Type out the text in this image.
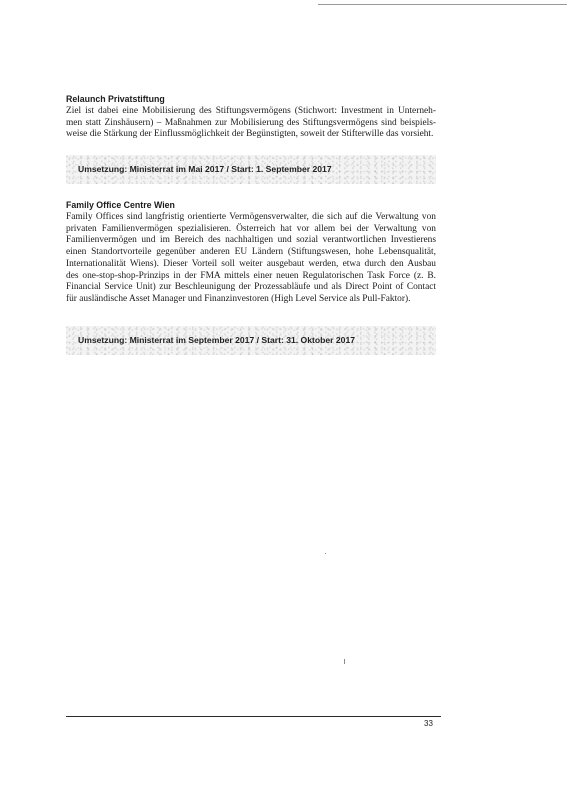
Relaunch Privatstiftung

Ziel ist dabei eine Mobilisierung des Stiftungsvermögens (Stichwort: Investment in Unterneh-
men statt Zinshäusern) – Maßnahmen zur Mobilisierung des Stiftungsvermögens sind beispiels-
weise die Stärkung der Einflussmöglichkeit der Begünstigten, soweit der Stifterwille das vorsieht.

Umsetzung: Ministerrat im Mai 2017 / Start: 1. September 2017
Family Office Centre Wien

Family Offices sind langfristig orientierte Vermögensverwalter, die sich auf die Verwaltung von
privaten Familienvermögen spezialisieren. Österreich hat vor allem bei der Verwaltung von
Familienvermögen und im Bereich des nachhaltigen und sozial verantwortlichen Investierens
einen Standortvorteile gegenüber anderen EU Ländern (Stiftungswesen, hohe Lebensqualität,
Internationalität Wiens). Dieser Vorteil soll weiter ausgebaut werden, etwa durch den Ausbau
des one-stop-shop-Prinzips in der FMA mittels einer neuen Regulatorischen Task Force (z. B.
Financial Service Unit) zur Beschleunigung der Prozessabläufe und als Direct Point of Contact
für ausländische Asset Manager und Finanzinvestoren (High Level Service als Pull-Faktor).

Umsetzung: Ministerrat im September 2017 / Start: 31. Oktober 2017
33
